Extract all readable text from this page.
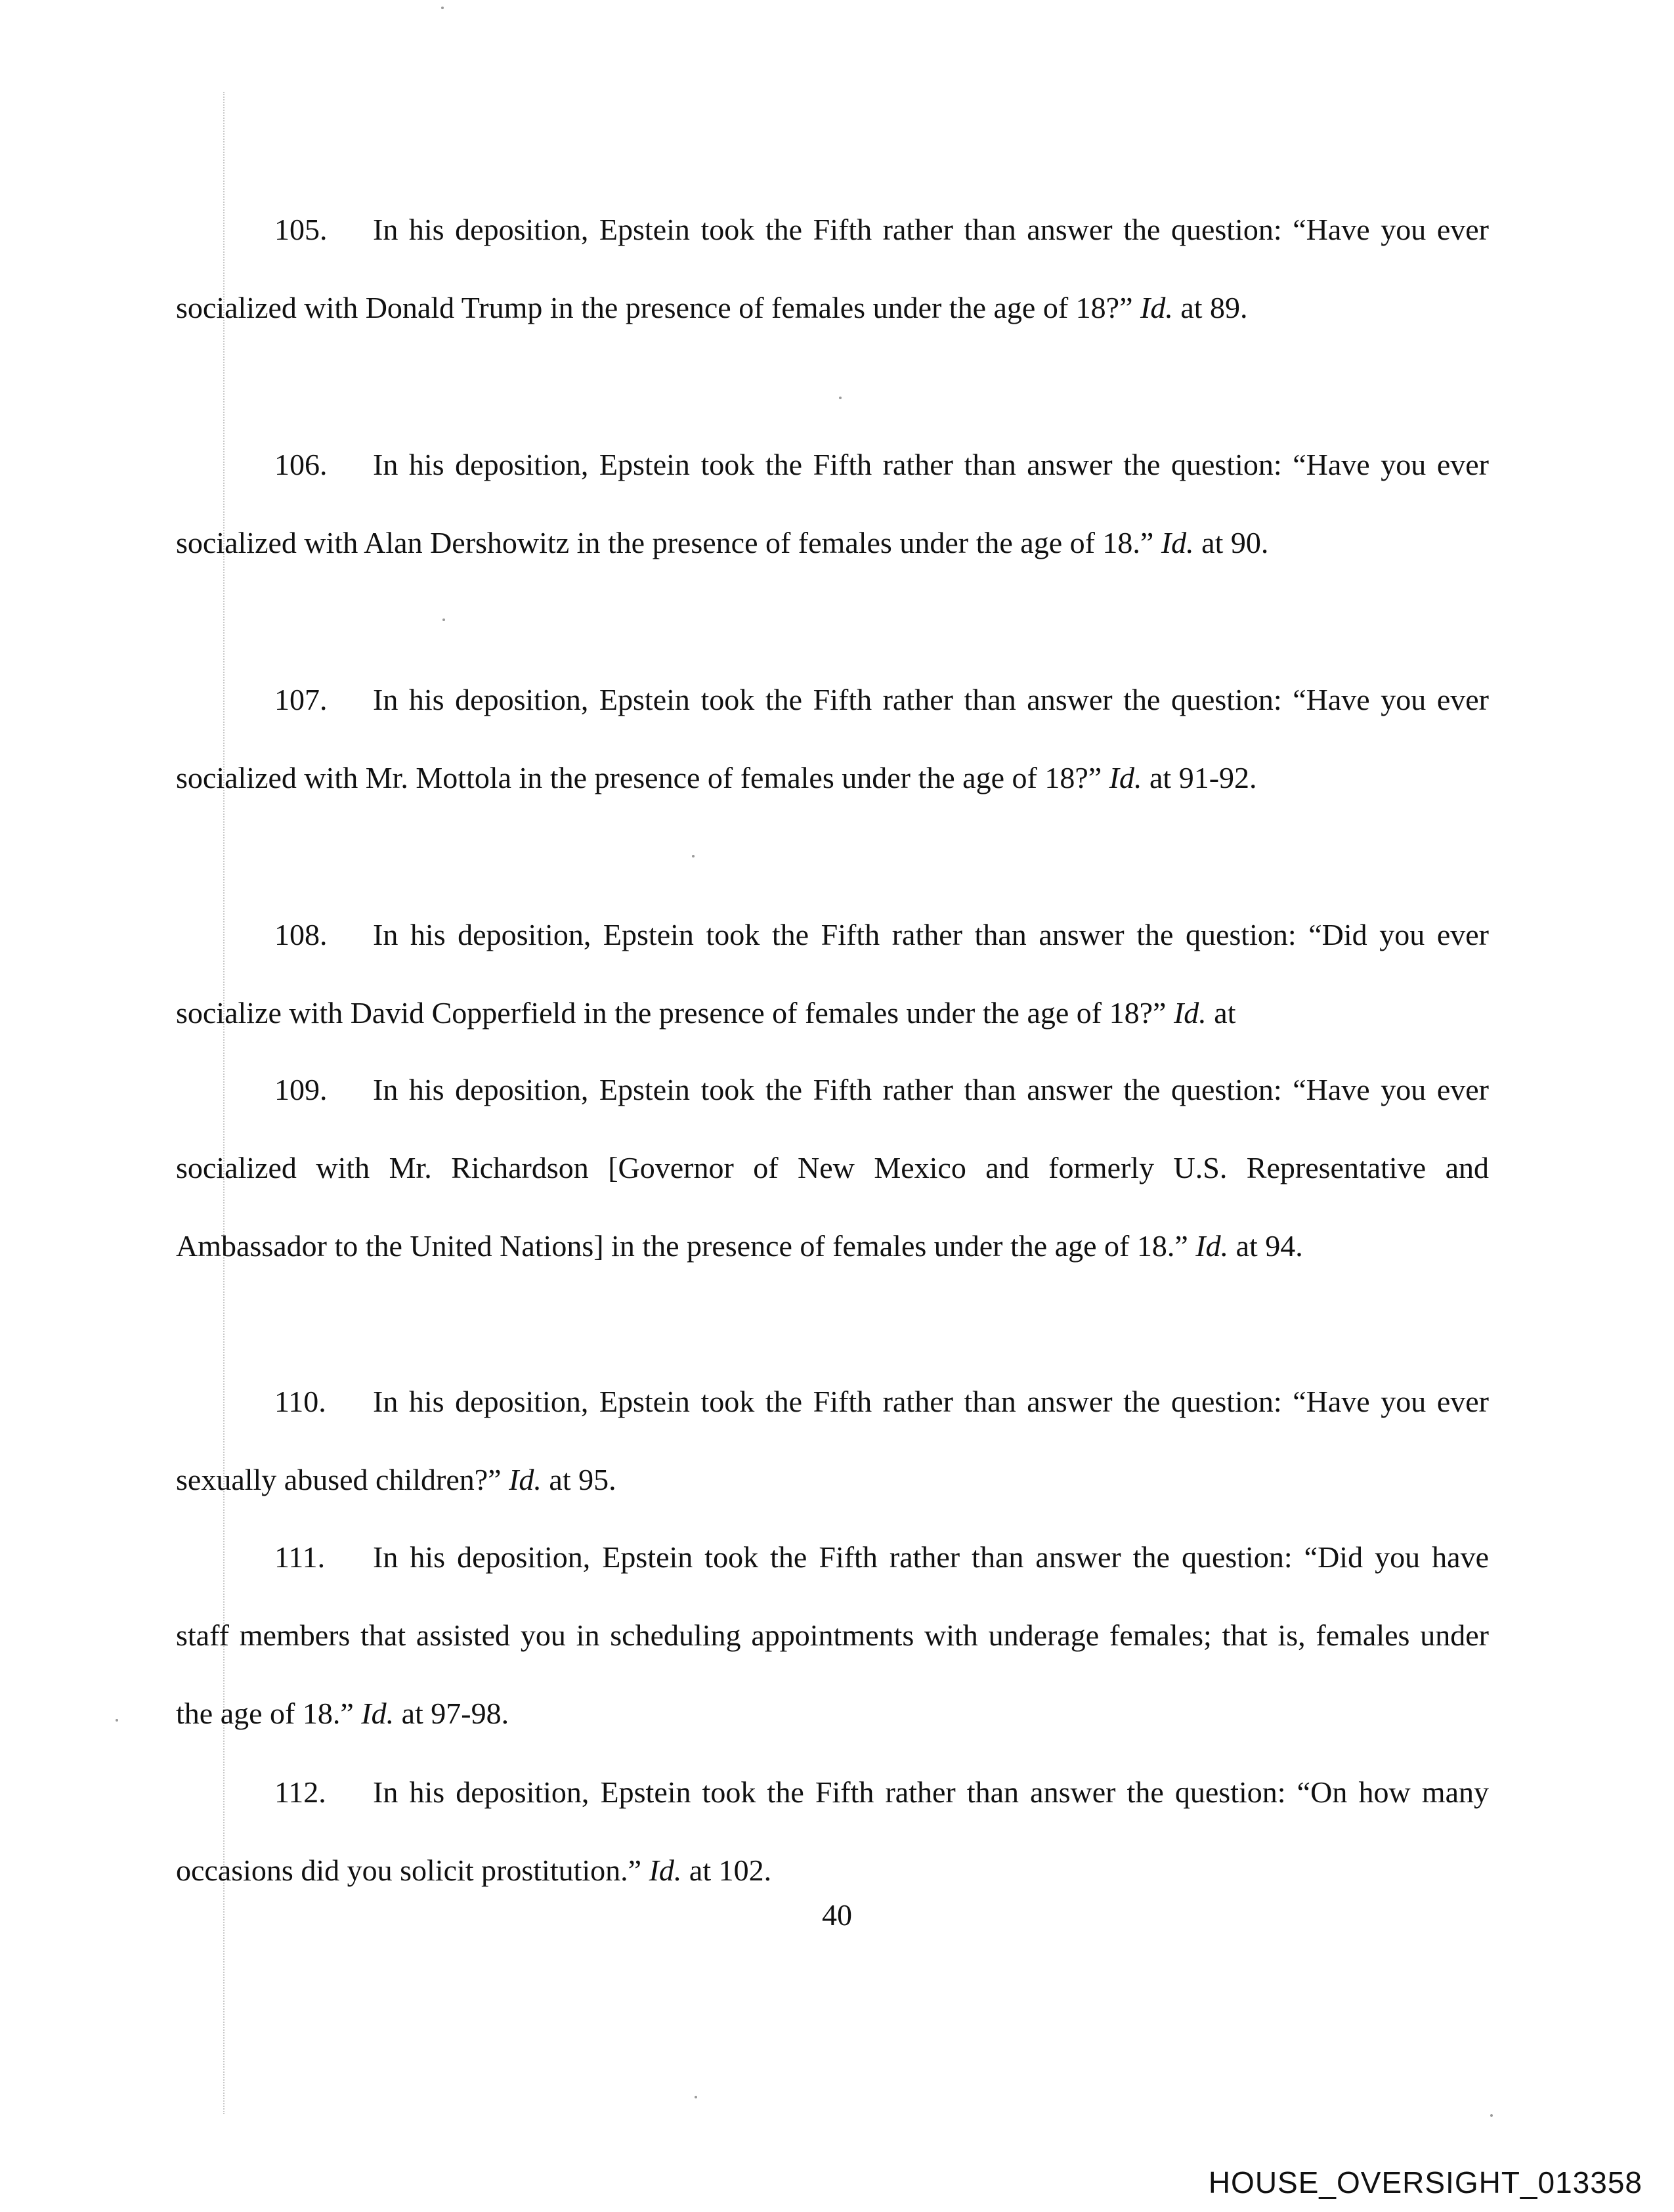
105. In his deposition, Epstein took the Fifth rather than answer the question: “Have you ever socialized with Donald Trump in the presence of females under the age of 18?” Id. at 89.

106. In his deposition, Epstein took the Fifth rather than answer the question: “Have you ever socialized with Alan Dershowitz in the presence of females under the age of 18.” Id. at 90.

107. In his deposition, Epstein took the Fifth rather than answer the question: “Have you ever socialized with Mr. Mottola in the presence of females under the age of 18?” Id. at 91-92.

108. In his deposition, Epstein took the Fifth rather than answer the question: “Did you ever socialize with David Copperfield in the presence of females under the age of 18?” Id. at

109. In his deposition, Epstein took the Fifth rather than answer the question: “Have you ever socialized with Mr. Richardson [Governor of New Mexico and formerly U.S. Representative and Ambassador to the United Nations] in the presence of females under the age of 18.” Id. at 94.

110. In his deposition, Epstein took the Fifth rather than answer the question: “Have you ever sexually abused children?” Id. at 95.

111. In his deposition, Epstein took the Fifth rather than answer the question: “Did you have staff members that assisted you in scheduling appointments with underage females; that is, females under the age of 18.” Id. at 97-98.

112. In his deposition, Epstein took the Fifth rather than answer the question: “On how many occasions did you solicit prostitution.” Id. at 102.

40
HOUSE_OVERSIGHT_013358
